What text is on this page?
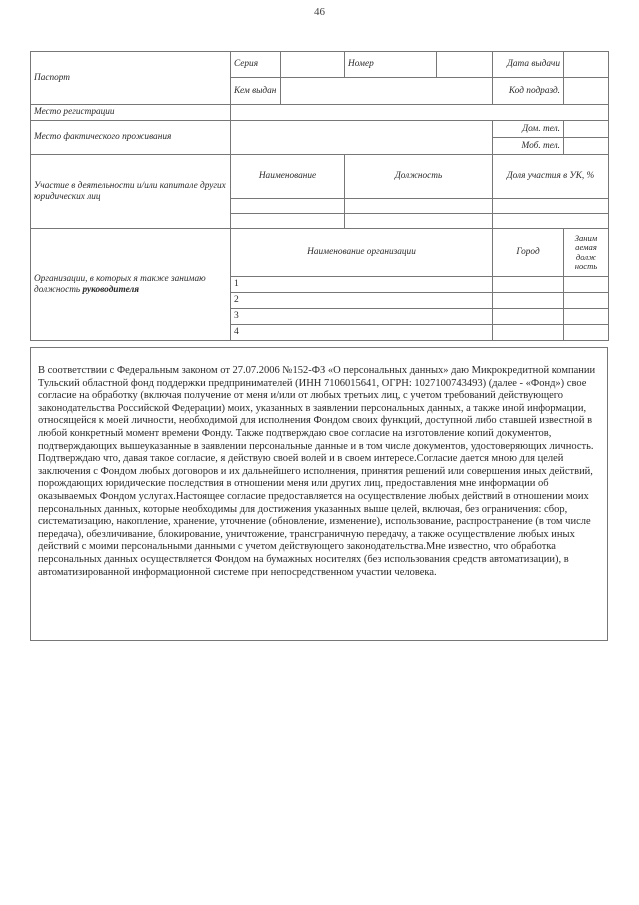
46
Паспорт	Серия		Номер		Дата выдачи	
	Кем выдан				Код подразд.	
Место регистрации						
Место фактического проживания					Дом. тел.	
					Моб. тел.	
Участие в деятельности и/или капитале других юридических лиц	Наименование		Должность		Доля участия в УК, %	

Организации, в которых я также занимаю должность руководителя	Наименование организации				Город	Заним
аемая
долж
ность
	1					
	2					
	3					
	4					
В соответствии с Федеральным законом от 27.07.2006 №152-ФЗ «О персональных данных» даю Микрокредитной компании Тульский областной фонд поддержки предпринимателей (ИНН 7106015641, ОГРН: 1027100743493) (далее - «Фонд») свое согласие на обработку (включая получение от меня и/или от любых третьих лиц, с учетом требований действующего законодательства Российской Федерации) моих, указанных в заявлении персональных данных, а также иной информации, относящейся к моей личности, необходимой для исполнения Фондом своих функций, доступной либо ставшей известной в любой конкретный момент времени Фонду. Также подтверждаю свое согласие на изготовление копий документов, подтверждающих вышеуказанные в заявлении персональные данные и в том числе документов, удостоверяющих личность. Подтверждаю что, давая такое согласие, я действую своей волей и в своем интересе.Согласие дается мною для целей заключения с Фондом любых договоров и их дальнейшего исполнения, принятия решений или совершения иных действий, порождающих юридические последствия в отношении меня или других лиц, предоставления мне информации об оказываемых Фондом услугах.Настоящее согласие предоставляется на осуществление любых действий в отношении моих персональных данных, которые необходимы для достижения указанных выше целей, включая, без ограничения: сбор, систематизацию, накопление, хранение, уточнение (обновление, изменение), использование, распространение (в том числе передача), обезличивание, блокирование, уничтожение, трансграничную передачу, а также осуществление любых иных действий с моими персональными данными с учетом действующего законодательства.Мне известно, что обработка персональных данных осуществляется Фондом на бумажных носителях (без использования средств автоматизации), в автоматизированной информационной системе при непосредственном участии человека.
